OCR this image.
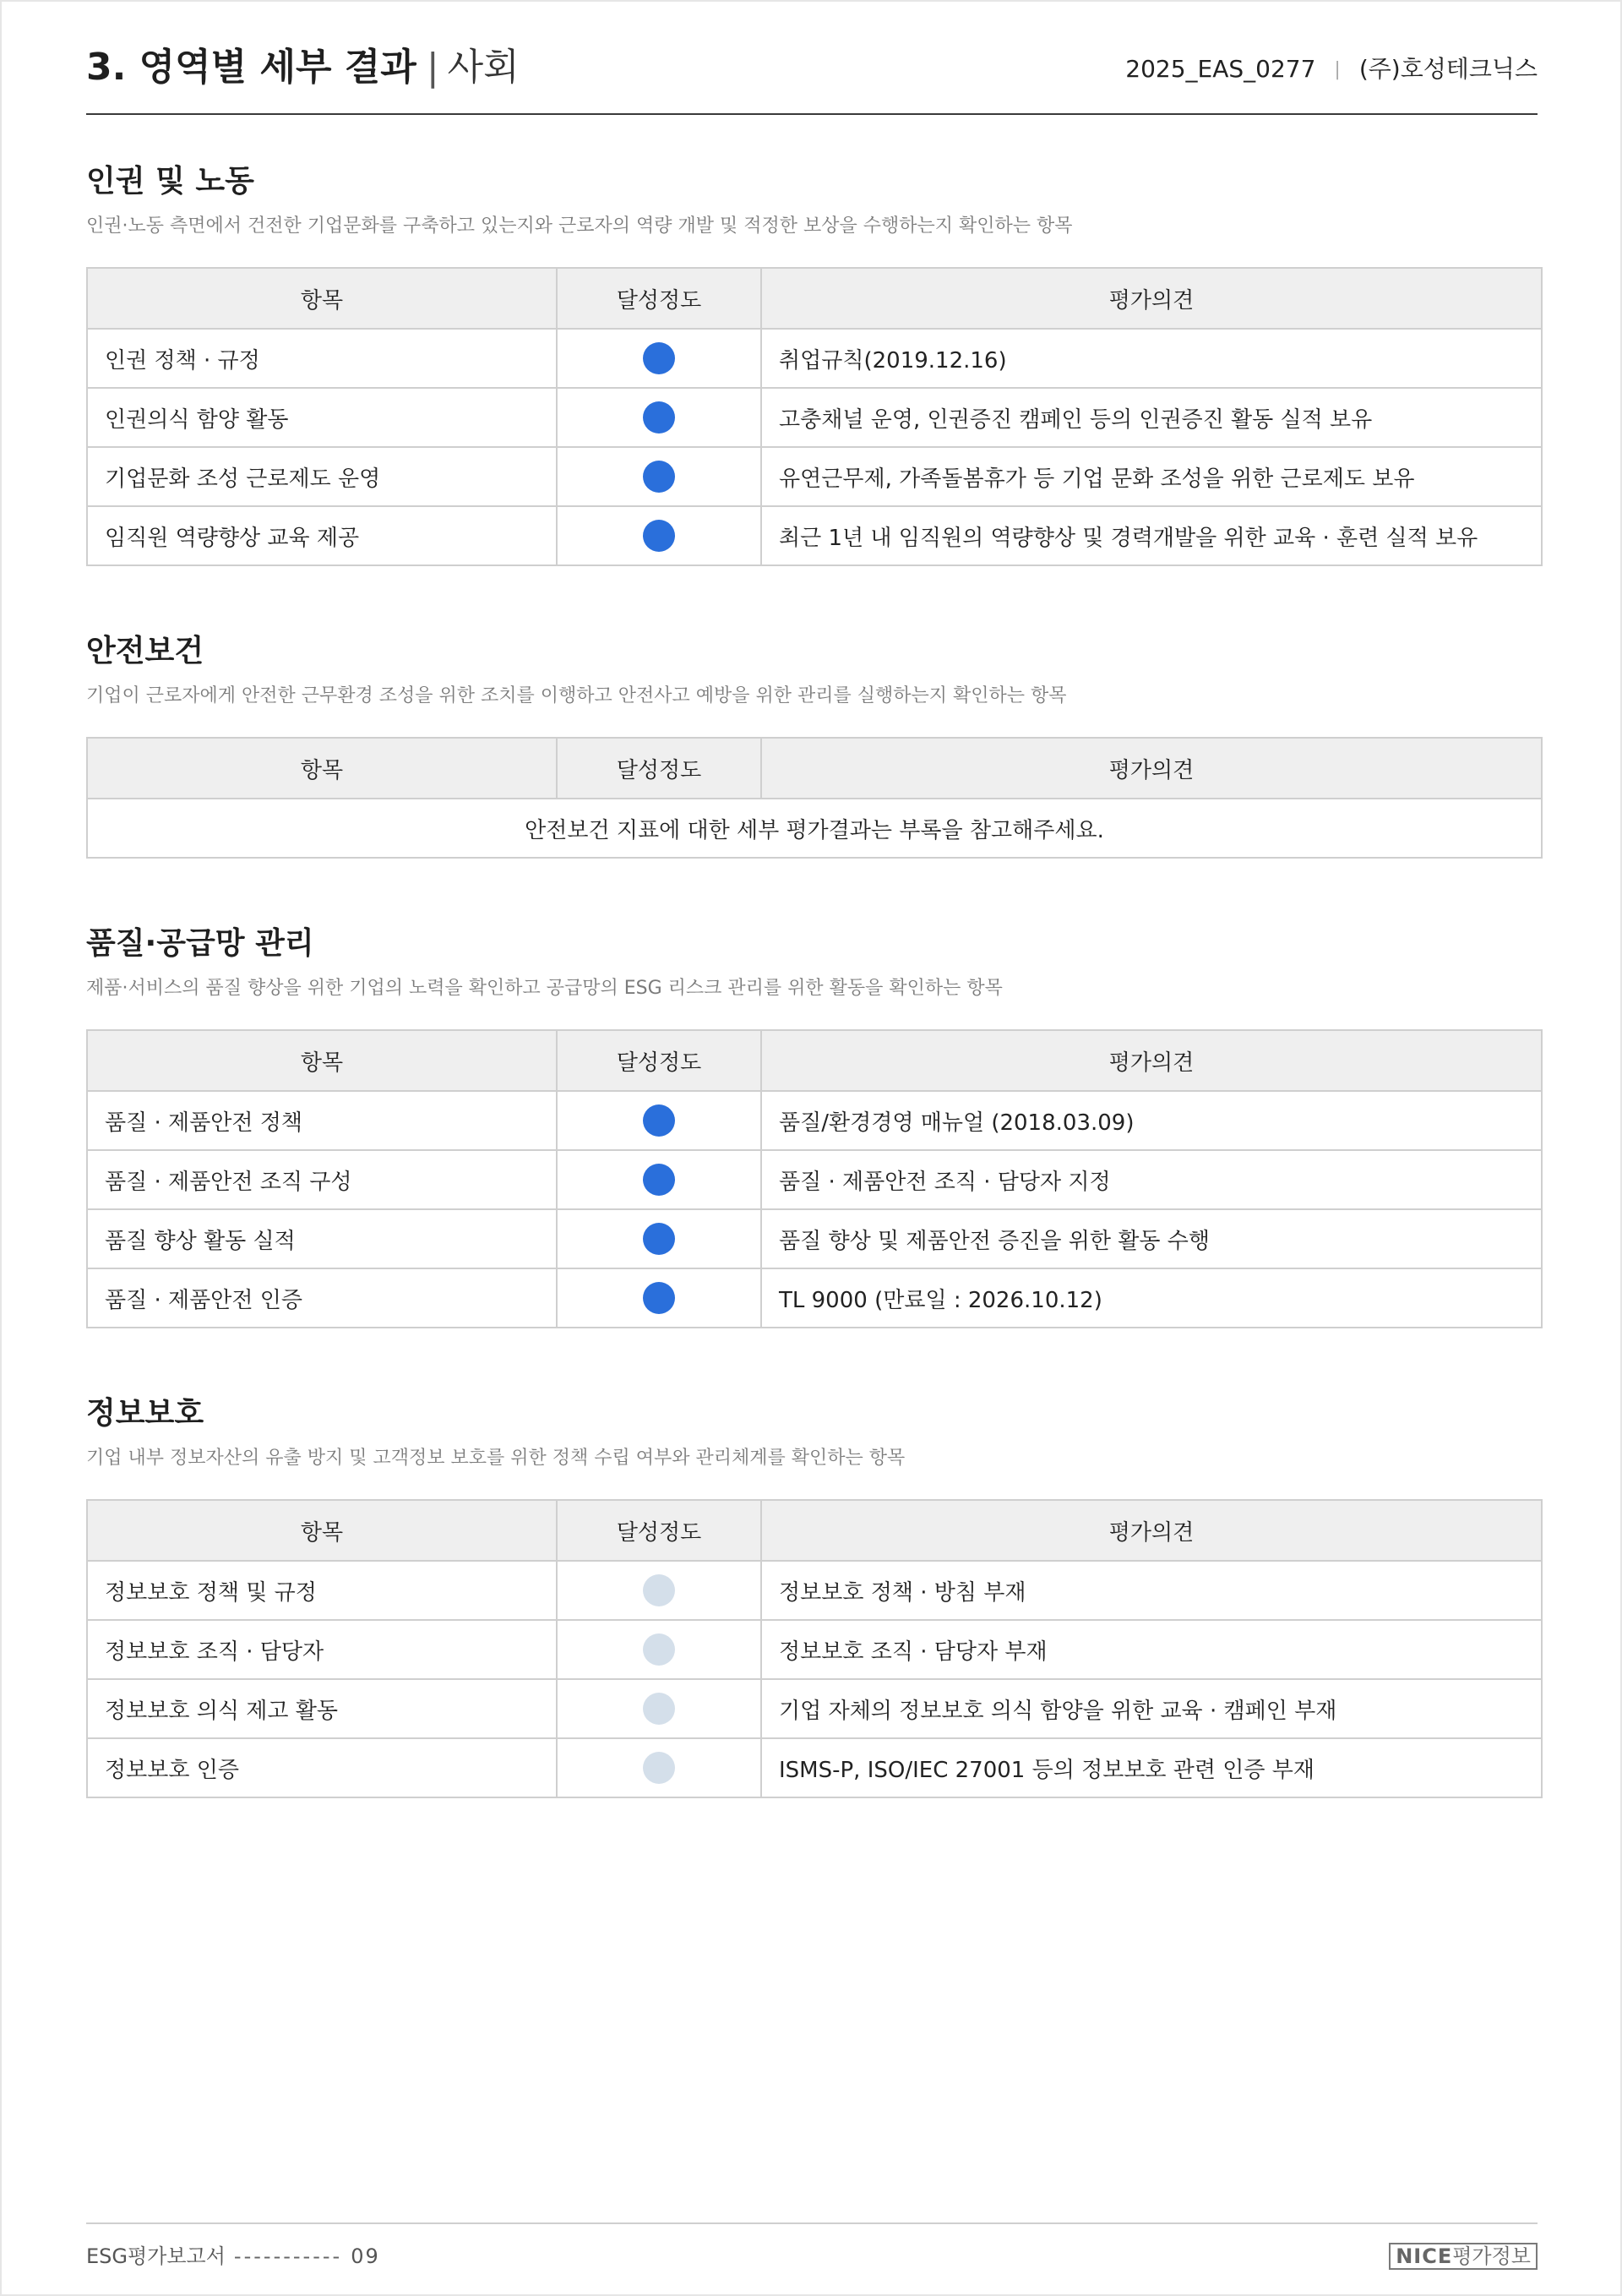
3. 영역별 세부 결과 | 사회	2025_EAS_0277 | (주)호성테크닉스
인권 및 노동
인권·노동 측면에서 건전한 기업문화를 구축하고 있는지와 근로자의 역량 개발 및 적정한 보상을 수행하는지 확인하는 항목
항목	달성정도	평가의견
인권 정책 · 규정		취업규칙(2019.12.16)
인권의식 함양 활동		고충채널 운영, 인권증진 캠페인 등의 인권증진 활동 실적 보유
기업문화 조성 근로제도 운영		유연근무제, 가족돌봄휴가 등 기업 문화 조성을 위한 근로제도 보유
임직원 역량향상 교육 제공		최근 1년 내 임직원의 역량향상 및 경력개발을 위한 교육 · 훈련 실적 보유
안전보건
기업이 근로자에게 안전한 근무환경 조성을 위한 조치를 이행하고 안전사고 예방을 위한 관리를 실행하는지 확인하는 항목
항목	달성정도	평가의견
안전보건 지표에 대한 세부 평가결과는 부록을 참고해주세요.
품질·공급망 관리
제품·서비스의 품질 향상을 위한 기업의 노력을 확인하고 공급망의 ESG 리스크 관리를 위한 활동을 확인하는 항목
항목	달성정도	평가의견
품질 · 제품안전 정책		품질/환경경영 매뉴얼 (2018.03.09)
품질 · 제품안전 조직 구성		품질 · 제품안전 조직 · 담당자 지정
품질 향상 활동 실적		품질 향상 및 제품안전 증진을 위한 활동 수행
품질 · 제품안전 인증		TL 9000 (만료일 : 2026.10.12)
정보보호
기업 내부 정보자산의 유출 방지 및 고객정보 보호를 위한 정책 수립 여부와 관리체계를 확인하는 항목
항목	달성정도	평가의견
정보보호 정책 및 규정		정보보호 정책 · 방침 부재
정보보호 조직 · 담당자		정보보호 조직 · 담당자 부재
정보보호 의식 제고 활동		기업 자체의 정보보호 의식 함양을 위한 교육 · 캠페인 부재
정보보호 인증		ISMS-P, ISO/IEC 27001 등의 정보보호 관련 인증 부재
ESG평가보고서 ----------- 09	NICE평가정보
